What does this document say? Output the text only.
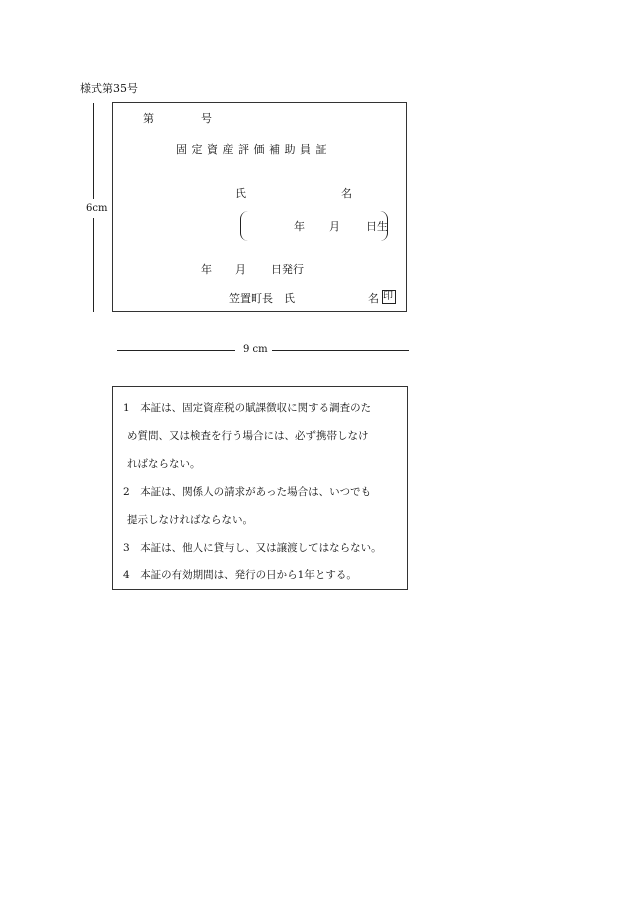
様式第35号
6cm
第	号
固 定 資 産 評 価 補 助 員 証
氏	名
年 月 日生
年 月 日発行
笠置町長　氏	名 印
9 cm
1　 本証は、固定資産税の賦課徴収に関する調査のた
め質問、又は検査を行う場合には、必ず携帯しなけ
ればならない。
2　 本証は、関係人の請求があった場合は、いつでも
提示しなければならない。
3　 本証は、他人に貸与し、又は譲渡してはならない。
4　 本証の有効期間は、発行の日から1年とする。
